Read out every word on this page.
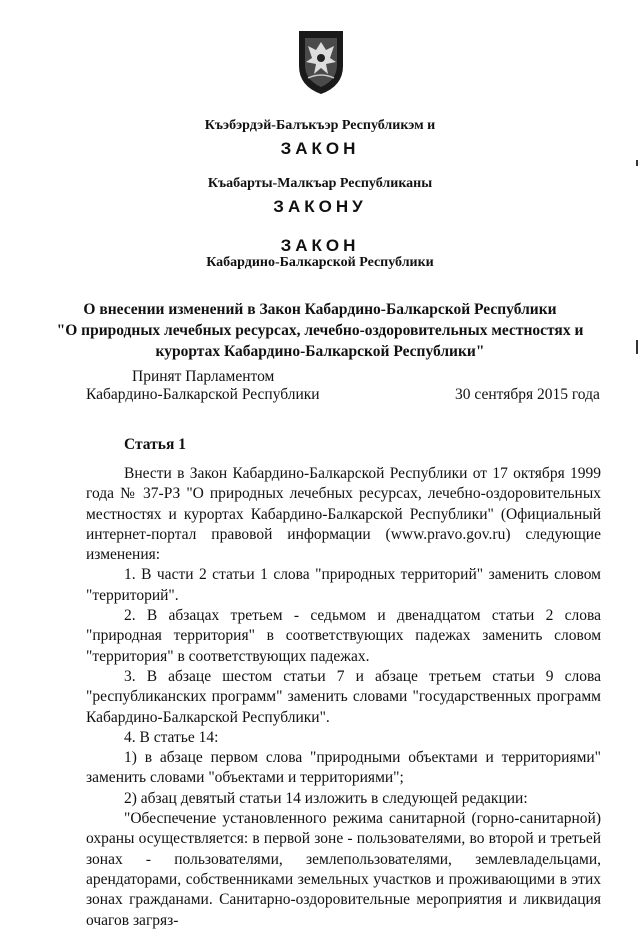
Къэбэрдэй-Балъкъэр Республикэм и
ЗАКОН
Къабарты-Малкъар Республиканы
ЗАКОНУ
ЗАКОН
Кабардино-Балкарской Республики
О внесении изменений в Закон Кабардино-Балкарской Республики
"О природных лечебных ресурсах, лечебно-оздоровительных местностях и
курортах Кабардино-Балкарской Республики"
Принят Парламентом
Кабардино-Балкарской Республики	30 сентября 2015 года
Статья 1

Внести в Закон Кабардино-Балкарской Республики от 17 октября 1999 года № 37-РЗ "О природных лечебных ресурсах, лечебно-оздоровительных местностях и курортах Кабардино-Балкарской Республики" (Официальный интернет-портал правовой информации (www.pravo.gov.ru) следующие изменения:

1. В части 2 статьи 1 слова "природных территорий" заменить словом "территорий".

2. В абзацах третьем - седьмом и двенадцатом статьи 2 слова "природная территория" в соответствующих падежах заменить словом "территория" в соответствующих падежах.

3. В абзаце шестом статьи 7 и абзаце третьем статьи 9 слова "республиканских программ" заменить словами "государственных программ Кабардино-Балкарской Республики".

4. В статье 14:

1) в абзаце первом слова "природными объектами и территориями" заменить словами "объектами и территориями";

2) абзац девятый статьи 14 изложить в следующей редакции:

"Обеспечение установленного режима санитарной (горно-санитарной) охраны осуществляется: в первой зоне - пользователями, во второй и третьей зонах - пользователями, землепользователями, землевладельцами, арендаторами, собственниками земельных участков и проживающими в этих зонах гражданами. Санитарно-оздоровительные мероприятия и ликвидация очагов загряз-
